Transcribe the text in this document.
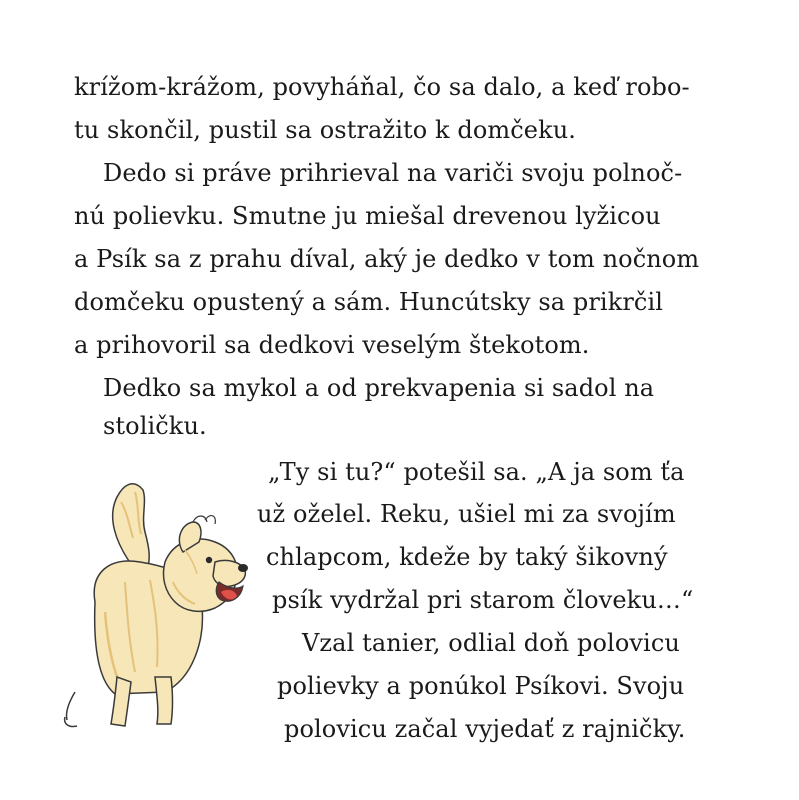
krížom-krážom, povyháňal, čo sa dalo, a keď robo-
tu skončil, pustil sa ostražito k domčeku.
Dedo si práve prihrieval na variči svoju polnoč-
nú polievku. Smutne ju miešal drevenou lyžicou
a Psík sa z prahu díval, aký je dedko v tom nočnom
domčeku opustený a sám. Huncútsky sa prikrčil
a prihovoril sa dedkovi veselým štekotom.
Dedko sa mykol a od prekvapenia si sadol na
stoličku.
„Ty si tu?“ potešil sa. „A ja som ťa
už oželel. Reku, ušiel mi za svojím
chlapcom, kdeže by taký šikovný
psík vydržal pri starom človeku…“
Vzal tanier, odlial doň polovicu
polievky a ponúkol Psíkovi. Svoju
polovicu začal vyjedať z rajničky.
